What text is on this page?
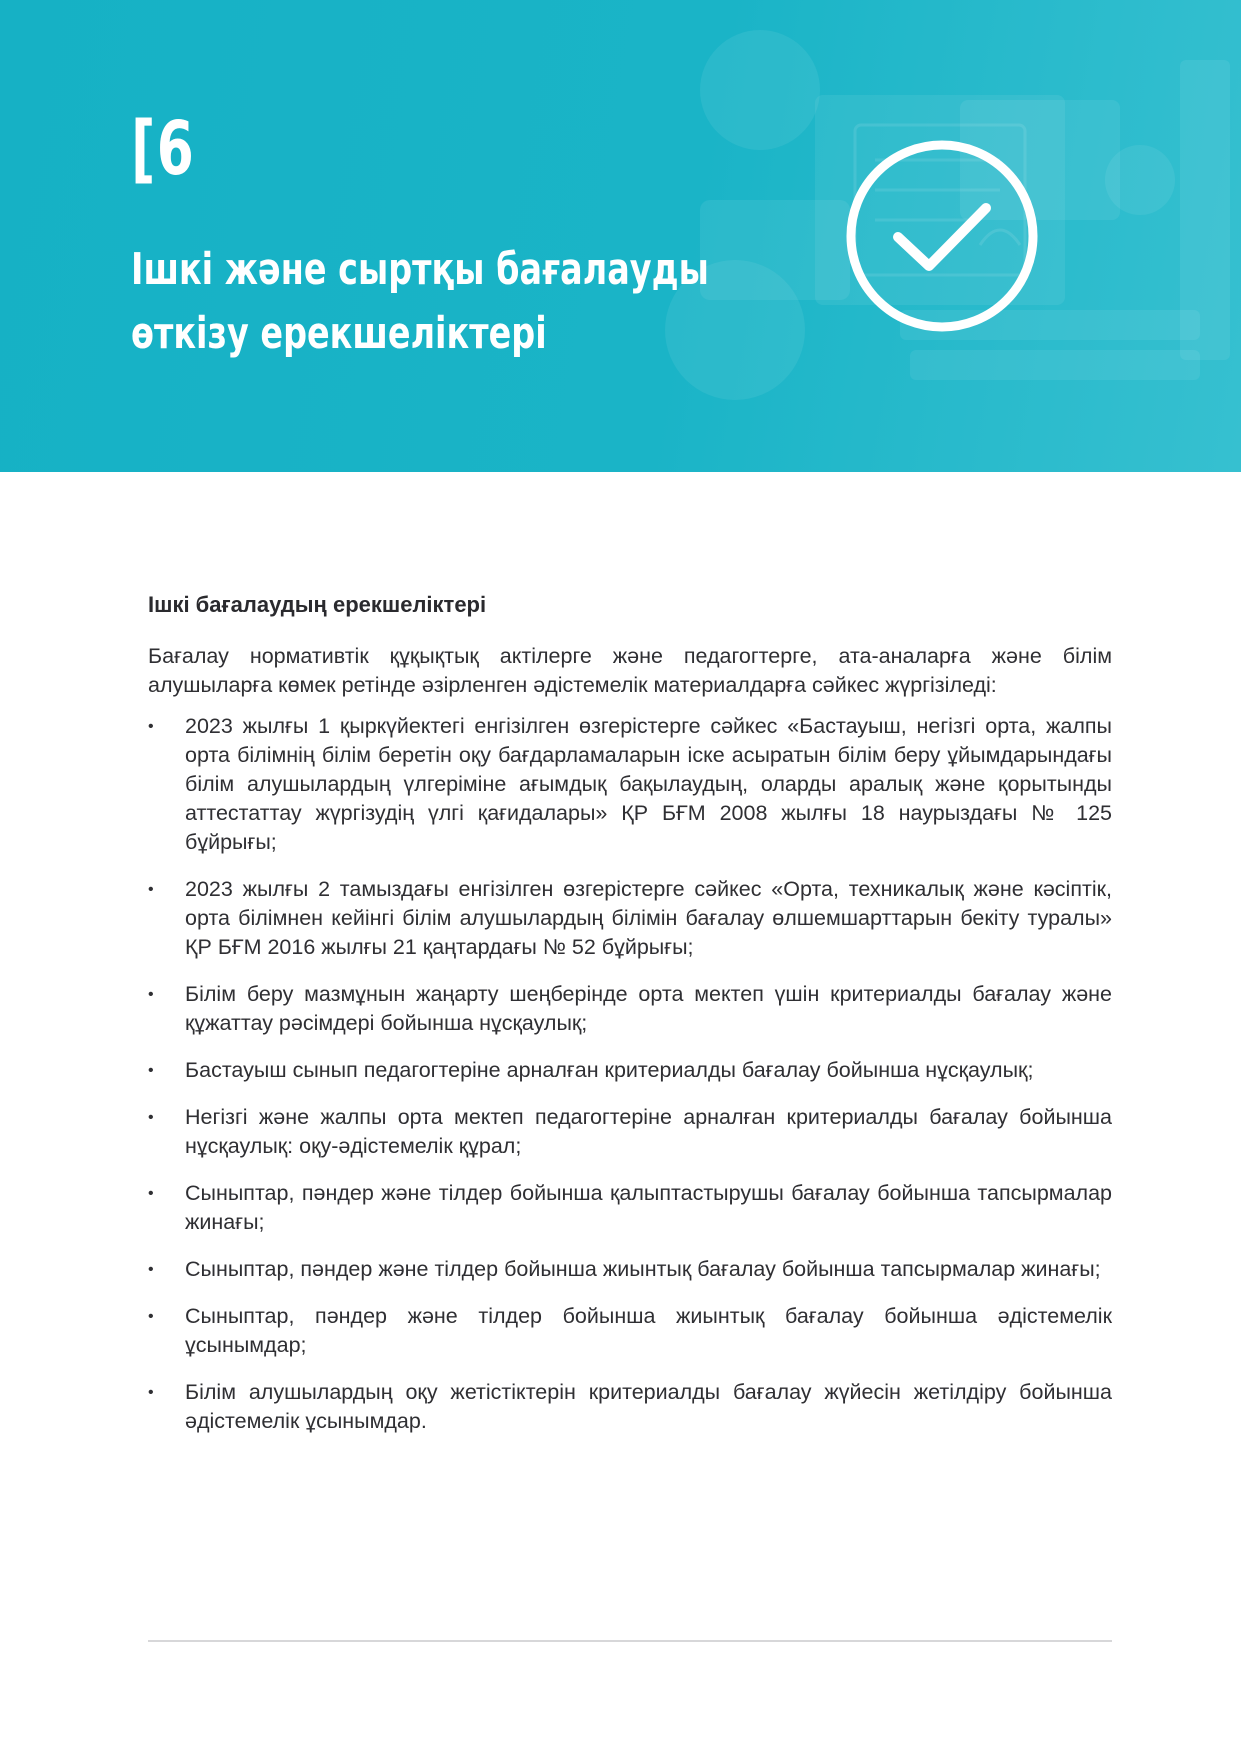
[6
Ішкі және сыртқы бағалауды
өткізу ерекшеліктері
Ішкі бағалаудың ерекшеліктері

Бағалау нормативтік құқықтық актілерге және педагогтерге, ата-аналарға және білім алушыларға көмек ретінде әзірленген әдістемелік материалдарға сәйкес жүргізіледі:

• 2023 жылғы 1 қыркүйектегі енгізілген өзгерістерге сәйкес «Бастауыш, негізгі орта, жалпы орта білімнің білім беретін оқу бағдарламаларын іске асыратын білім беру ұйымдарындағы білім алушылардың үлгеріміне ағымдық бақылаудың, оларды аралық және қорытынды аттестаттау жүргізудің үлгі қағидалары» ҚР БҒМ 2008 жылғы 18 наурыздағы № 125 бұйрығы;
• 2023 жылғы 2 тамыздағы енгізілген өзгерістерге сәйкес «Орта, техникалық және кәсіптік, орта білімнен кейінгі білім алушылардың білімін бағалау өлшемшарттарын бекіту туралы» ҚР БҒМ 2016 жылғы 21 қаңтардағы № 52 бұйрығы;
• Білім беру мазмұнын жаңарту шеңберінде орта мектеп үшін критериалды бағалау және құжаттау рәсімдері бойынша нұсқаулық;
• Бастауыш сынып педагогтеріне арналған критериалды бағалау бойынша нұсқаулық;
• Негізгі және жалпы орта мектеп педагогтеріне арналған критериалды бағалау бойынша нұсқаулық: оқу-әдістемелік құрал;
• Сыныптар, пәндер және тілдер бойынша қалыптастырушы бағалау бойынша тапсырмалар жинағы;
• Сыныптар, пәндер және тілдер бойынша жиынтық бағалау бойынша тапсырмалар жинағы;
• Сыныптар, пәндер және тілдер бойынша жиынтық бағалау бойынша әдістемелік ұсынымдар;
• Білім алушылардың оқу жетістіктерін критериалды бағалау жүйесін жетілдіру бойынша әдістемелік ұсынымдар.
